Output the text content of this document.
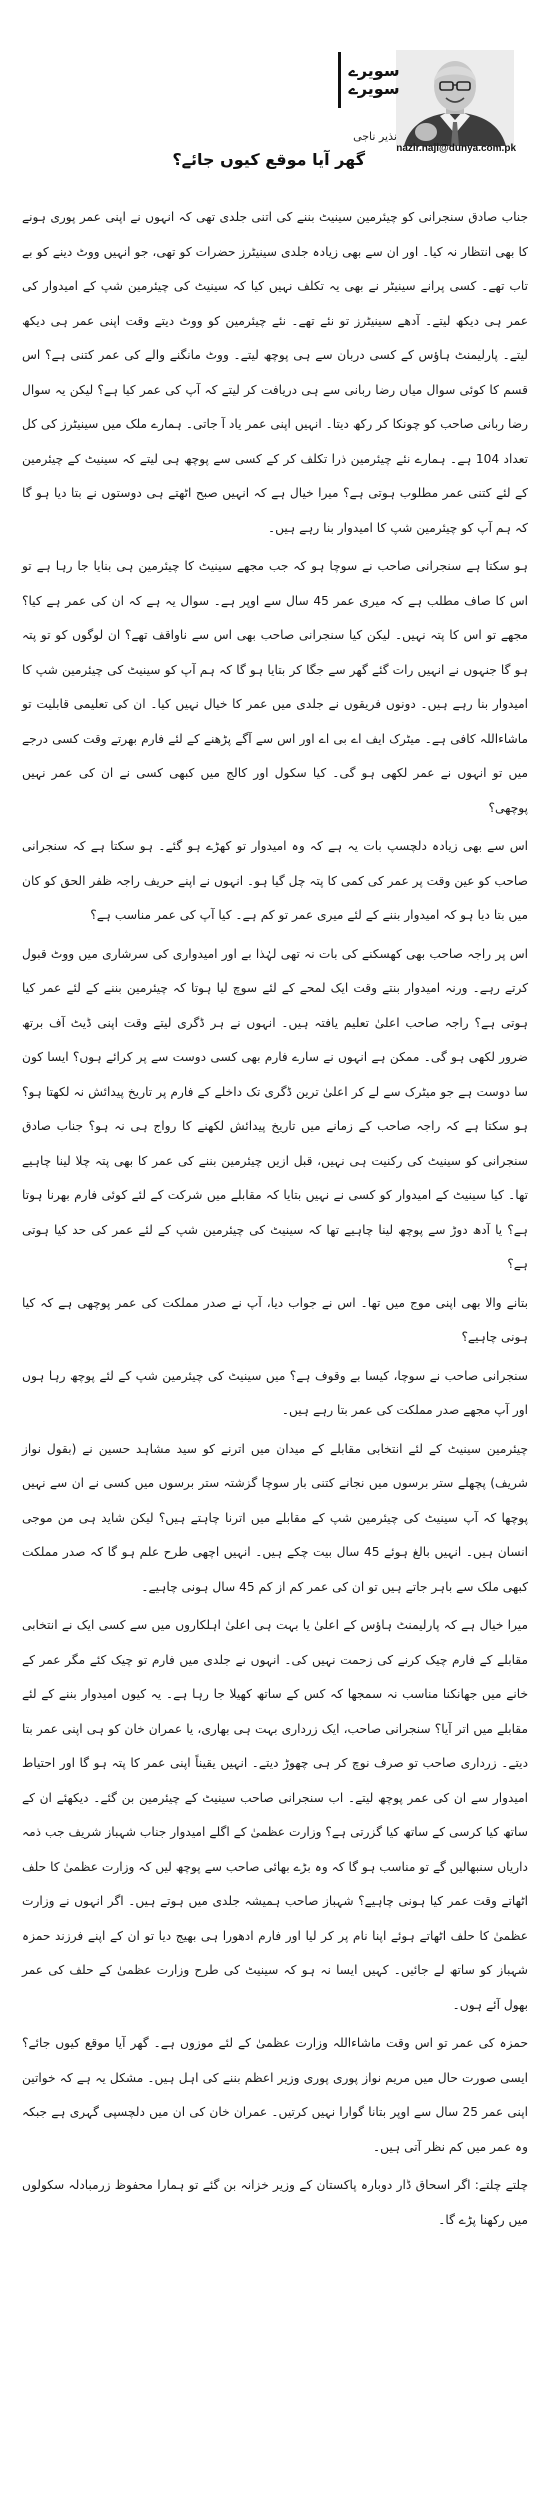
nazir.naji@dunya.com.pk
سویرے
سویرے
نذیر ناجی
گھر آیا موقع کیوں جائے؟

جناب صادق سنجرانی کو چیئرمین سینیٹ بننے کی اتنی جلدی تھی کہ انہوں نے اپنی عمر پوری ہونے کا بھی انتظار نہ کیا۔ اور ان سے بھی زیادہ جلدی سینیٹرز حضرات کو تھی، جو انہیں ووٹ دینے کو بے تاب تھے۔ کسی پرانے سینیٹر نے بھی یہ تکلف نہیں کیا کہ سینیٹ کی چیئرمین شپ کے امیدوار کی عمر ہی دیکھ لیتے۔ آدھے سینیٹرز تو نئے تھے۔ نئے چیئرمین کو ووٹ دیتے وقت اپنی عمر ہی دیکھ لیتے۔ پارلیمنٹ ہاؤس کے کسی دربان سے ہی پوچھ لیتے۔ ووٹ مانگنے والے کی عمر کتنی ہے؟ اس قسم کا کوئی سوال میاں رضا ربانی سے ہی دریافت کر لیتے کہ آپ کی عمر کیا ہے؟ لیکن یہ سوال رضا ربانی صاحب کو چونکا کر رکھ دیتا۔ انہیں اپنی عمر یاد آ جاتی۔ ہمارے ملک میں سینیٹرز کی کل تعداد 104 ہے۔ ہمارے نئے چیئرمین ذرا تکلف کر کے کسی سے پوچھ ہی لیتے کہ سینیٹ کے چیئرمین کے لئے کتنی عمر مطلوب ہوتی ہے؟ میرا خیال ہے کہ انہیں صبح اٹھتے ہی دوستوں نے بتا دیا ہو گا کہ ہم آپ کو چیئرمین شپ کا امیدوار بنا رہے ہیں۔

ہو سکتا ہے سنجرانی صاحب نے سوچا ہو کہ جب مجھے سینیٹ کا چیئرمین ہی بنایا جا رہا ہے تو اس کا صاف مطلب ہے کہ میری عمر 45 سال سے اوپر ہے۔ سوال یہ ہے کہ ان کی عمر ہے کیا؟ مجھے تو اس کا پتہ نہیں۔ لیکن کیا سنجرانی صاحب بھی اس سے ناواقف تھے؟ ان لوگوں کو تو پتہ ہو گا جنہوں نے انہیں رات گئے گھر سے جگا کر بتایا ہو گا کہ ہم آپ کو سینیٹ کی چیئرمین شپ کا امیدوار بنا رہے ہیں۔ دونوں فریقوں نے جلدی میں عمر کا خیال نہیں کیا۔ ان کی تعلیمی قابلیت تو ماشاءاللہ کافی ہے۔ میٹرک ایف اے بی اے اور اس سے آگے پڑھنے کے لئے فارم بھرتے وقت کسی درجے میں تو انہوں نے عمر لکھی ہو گی۔ کیا سکول اور کالج میں کبھی کسی نے ان کی عمر نہیں پوچھی؟

اس سے بھی زیادہ دلچسپ بات یہ ہے کہ وہ امیدوار تو کھڑے ہو گئے۔ ہو سکتا ہے کہ سنجرانی صاحب کو عین وقت پر عمر کی کمی کا پتہ چل گیا ہو۔ انہوں نے اپنے حریف راجہ ظفر الحق کو کان میں بتا دیا ہو کہ امیدوار بننے کے لئے میری عمر تو کم ہے۔ کیا آپ کی عمر مناسب ہے؟

اس پر راجہ صاحب بھی کھسکنے کی بات نہ تھی لہٰذا بے اور امیدواری کی سرشاری میں ووٹ قبول کرتے رہے۔ ورنہ امیدوار بنتے وقت ایک لمحے کے لئے سوچ لیا ہوتا کہ چیئرمین بننے کے لئے عمر کیا ہوتی ہے؟ راجہ صاحب اعلیٰ تعلیم یافتہ ہیں۔ انہوں نے ہر ڈگری لیتے وقت اپنی ڈیٹ آف برتھ ضرور لکھی ہو گی۔ ممکن ہے انہوں نے سارے فارم بھی کسی دوست سے پر کرائے ہوں؟ ایسا کون سا دوست ہے جو میٹرک سے لے کر اعلیٰ ترین ڈگری تک داخلے کے فارم پر تاریخ پیدائش نہ لکھتا ہو؟ ہو سکتا ہے کہ راجہ صاحب کے زمانے میں تاریخ پیدائش لکھنے کا رواج ہی نہ ہو؟ جناب صادق سنجرانی کو سینیٹ کی رکنیت ہی نہیں، قبل ازیں چیئرمین بننے کی عمر کا بھی پتہ چلا لینا چاہیے تھا۔ کیا سینیٹ کے امیدوار کو کسی نے نہیں بتایا کہ مقابلے میں شرکت کے لئے کوئی فارم بھرنا ہوتا ہے؟ یا آدھ دوڑ سے پوچھ لینا چاہیے تھا کہ سینیٹ کی چیئرمین شپ کے لئے عمر کی حد کیا ہوتی ہے؟

بتانے والا بھی اپنی موج میں تھا۔ اس نے جواب دیا، آپ نے صدر مملکت کی عمر پوچھی ہے کہ کیا ہونی چاہیے؟

سنجرانی صاحب نے سوچا، کیسا بے وقوف ہے؟ میں سینیٹ کی چیئرمین شپ کے لئے پوچھ رہا ہوں اور آپ مجھے صدر مملکت کی عمر بتا رہے ہیں۔

چیئرمین سینیٹ کے لئے انتخابی مقابلے کے میدان میں اترنے کو سید مشاہد حسین نے (بقول نواز شریف) پچھلے ستر برسوں میں نجانے کتنی بار سوچا گزشتہ ستر برسوں میں کسی نے ان سے نہیں پوچھا کہ آپ سینیٹ کی چیئرمین شپ کے مقابلے میں اترنا چاہتے ہیں؟ لیکن شاید ہی من موجی انسان ہیں۔ انہیں بالغ ہوئے 45 سال بیت چکے ہیں۔ انہیں اچھی طرح علم ہو گا کہ صدر مملکت کبھی ملک سے باہر جاتے ہیں تو ان کی عمر کم از کم 45 سال ہونی چاہیے۔

میرا خیال ہے کہ پارلیمنٹ ہاؤس کے اعلیٰ یا بہت ہی اعلیٰ اہلکاروں میں سے کسی ایک نے انتخابی مقابلے کے فارم چیک کرنے کی زحمت نہیں کی۔ انہوں نے جلدی میں فارم تو چیک کئے مگر عمر کے خانے میں جھانکنا مناسب نہ سمجھا کہ کس کے ساتھ کھیلا جا رہا ہے۔ یہ کیوں امیدوار بننے کے لئے مقابلے میں اتر آیا؟ سنجرانی صاحب، ایک زرداری بہت ہی بھاری، یا عمران خان کو ہی اپنی عمر بتا دیتے۔ زرداری صاحب تو صرف نوچ کر ہی چھوڑ دیتے۔ انہیں یقیناً اپنی عمر کا پتہ ہو گا اور احتیاط امیدوار سے ان کی عمر پوچھ لیتے۔ اب سنجرانی صاحب سینیٹ کے چیئرمین بن گئے۔ دیکھئے ان کے ساتھ کیا کرسی کے ساتھ کیا گزرتی ہے؟ وزارت عظمیٰ کے اگلے امیدوار جناب شہباز شریف جب ذمہ داریاں سنبھالیں گے تو مناسب ہو گا کہ وہ بڑے بھائی صاحب سے پوچھ لیں کہ وزارت عظمیٰ کا حلف اٹھاتے وقت عمر کیا ہونی چاہیے؟ شہباز صاحب ہمیشہ جلدی میں ہوتے ہیں۔ اگر انہوں نے وزارت عظمیٰ کا حلف اٹھاتے ہوئے اپنا نام پر کر لیا اور فارم ادھورا ہی بھیج دیا تو ان کے اپنے فرزند حمزہ شہباز کو ساتھ لے جائیں۔ کہیں ایسا نہ ہو کہ سینیٹ کی طرح وزارت عظمیٰ کے حلف کی عمر بھول آئے ہوں۔

حمزہ کی عمر تو اس وقت ماشاءاللہ وزارت عظمیٰ کے لئے موزوں ہے۔ گھر آیا موقع کیوں جائے؟ ایسی صورت حال میں مریم نواز پوری پوری وزیر اعظم بننے کی اہل ہیں۔ مشکل یہ ہے کہ خواتین اپنی عمر 25 سال سے اوپر بتانا گوارا نہیں کرتیں۔ عمران خان کی ان میں دلچسپی گہری ہے جبکہ وہ عمر میں کم نظر آتی ہیں۔

چلتے چلتے: اگر اسحاق ڈار دوبارہ پاکستان کے وزیر خزانہ بن گئے تو ہمارا محفوظ زرمبادلہ سکولوں میں رکھنا پڑے گا۔
